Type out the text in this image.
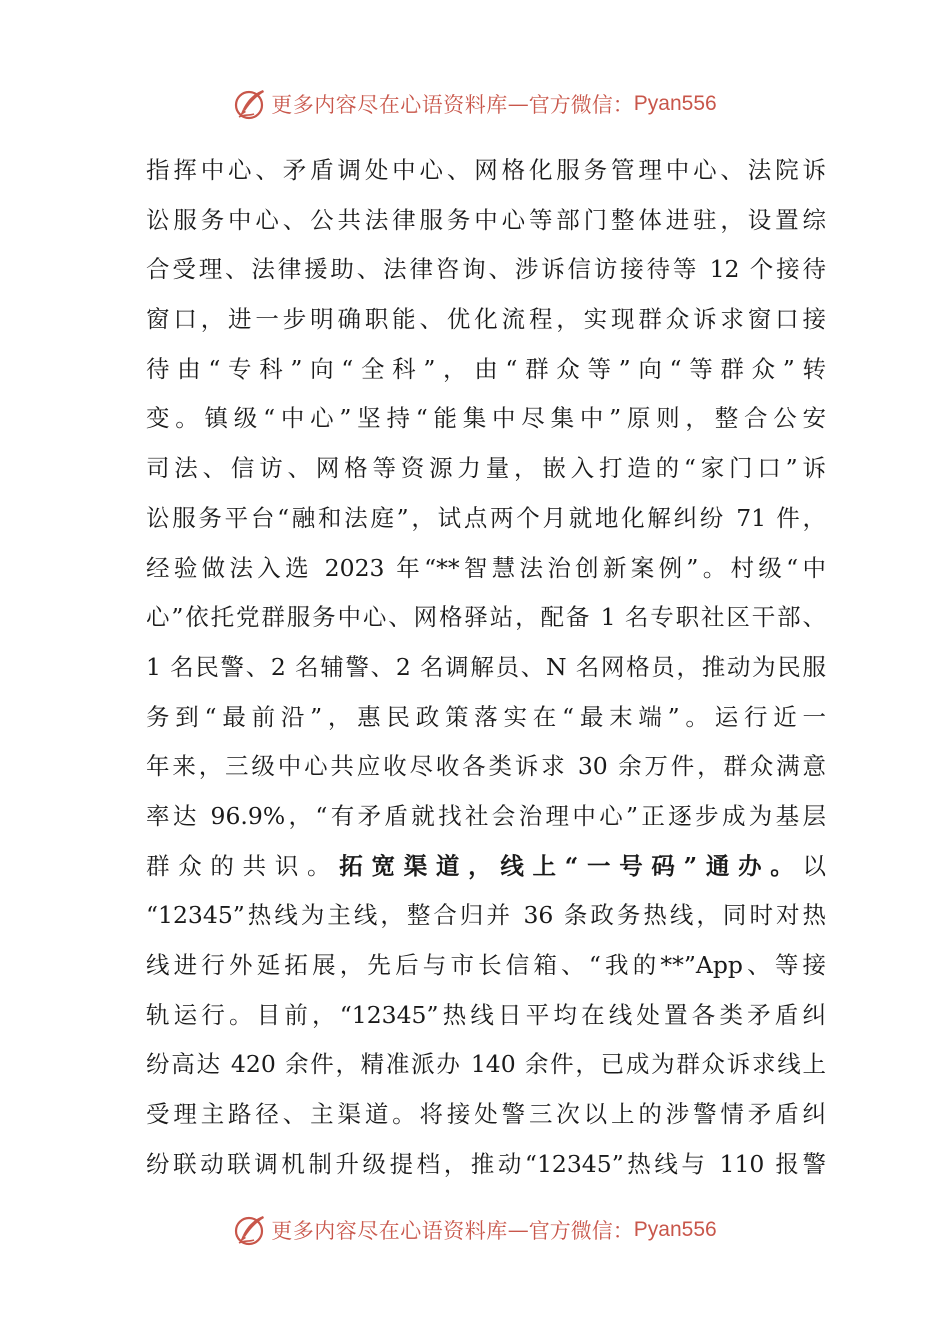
更多内容尽在心语资料库 — 官方微信： Pyan556
指挥中心、矛盾调处中心、网格化服务管理中心、法院诉
讼服务中心、公共法律服务中心等部门整体进驻，设置综
合受理、法律援助、法律咨询、涉诉信访接待等 12 个接待
窗口，进一步明确职能、优化流程，实现群众诉求窗口接
待由“专科”向“全科”，由“群众等”向“等群众”转
变。镇级“中心”坚持“能集中尽集中”原则，整合公安
司法、信访、网格等资源力量，嵌入打造的“家门口”诉
讼服务平台“融和法庭”，试点两个月就地化解纠纷 71 件，
经验做法入选 2023 年“**智慧法治创新案例”。村级“中
心”依托党群服务中心、网格驿站，配备 1 名专职社区干部、
1 名民警、2 名辅警、2 名调解员、N 名网格员，推动为民服
务到“最前沿”，惠民政策落实在“最末端”。运行近一
年来，三级中心共应收尽收各类诉求 30 余万件，群众满意
率达 96.9%，“有矛盾就找社会治理中心”正逐步成为基层
群众的共识。拓宽渠道，线上“一号码”通办。以
“12345”热线为主线，整合归并 36 条政务热线，同时对热
线进行外延拓展，先后与市长信箱、“我的**”App、等接
轨运行。目前，“12345”热线日平均在线处置各类矛盾纠
纷高达 420 余件，精准派办 140 余件，已成为群众诉求线上
受理主路径、主渠道。将接处警三次以上的涉警情矛盾纠
纷联动联调机制升级提档，推动“12345”热线与 110 报警
更多内容尽在心语资料库 — 官方微信： Pyan556
